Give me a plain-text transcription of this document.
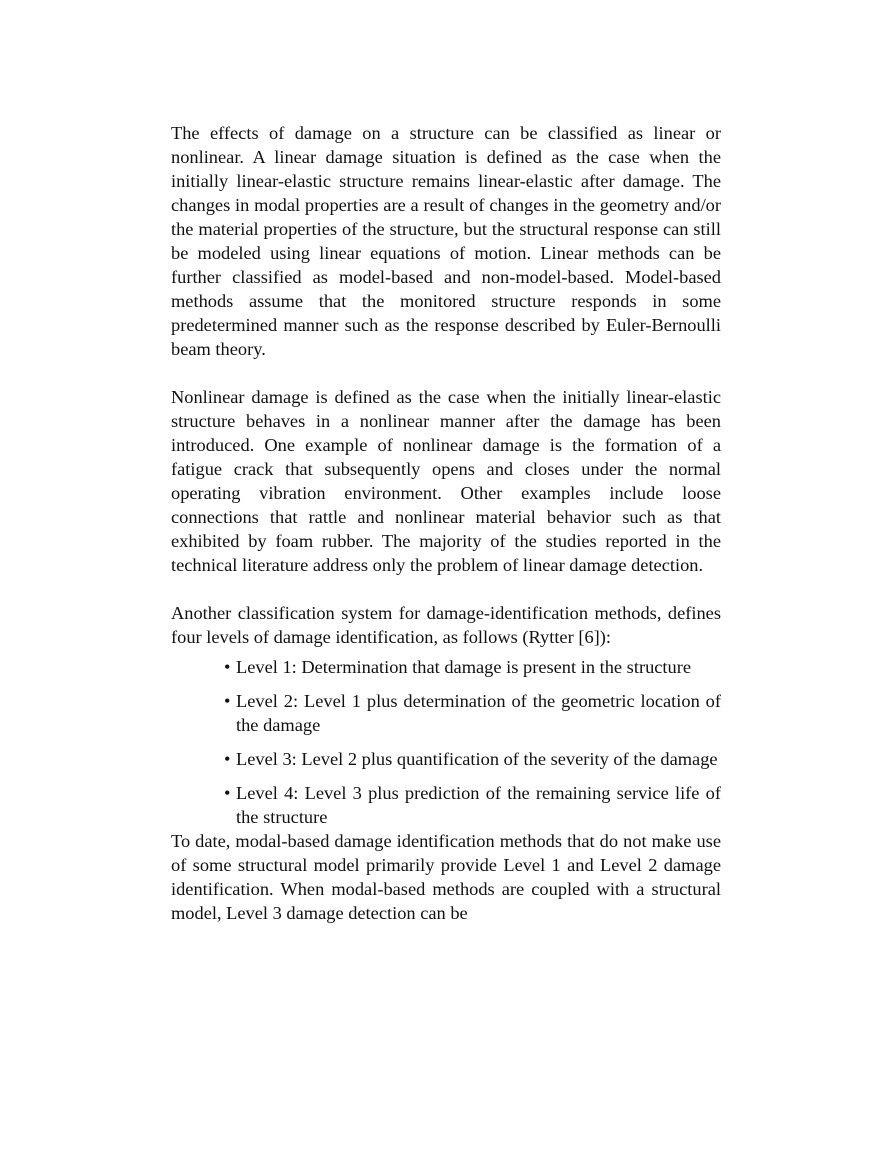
The effects of damage on a structure can be classified as linear or nonlinear. A linear damage situation is defined as the case when the initially linear-elastic structure remains linear-elastic after damage. The changes in modal properties are a result of changes in the geometry and/or the material properties of the structure, but the structural response can still be modeled using linear equations of motion. Linear methods can be further classified as model-based and non-model-based. Model-based methods assume that the monitored structure responds in some predetermined manner such as the response described by Euler-Bernoulli beam theory.

Nonlinear damage is defined as the case when the initially linear-elastic structure behaves in a nonlinear manner after the damage has been introduced. One example of nonlinear damage is the formation of a fatigue crack that subsequently opens and closes under the normal operating vibration environment. Other examples include loose connections that rattle and nonlinear material behavior such as that exhibited by foam rubber. The majority of the studies reported in the technical literature address only the problem of linear damage detection.

Another classification system for damage-identification methods, defines four levels of damage identification, as follows (Rytter [6]):

• Level 1: Determination that damage is present in the structure
• Level 2: Level 1 plus determination of the geometric location of the damage
• Level 3: Level 2 plus quantification of the severity of the damage
• Level 4: Level 3 plus prediction of the remaining service life of the structure

To date, modal-based damage identification methods that do not make use of some structural model primarily provide Level 1 and Level 2 damage identification. When modal-based methods are coupled with a structural model, Level 3 damage detection can be
